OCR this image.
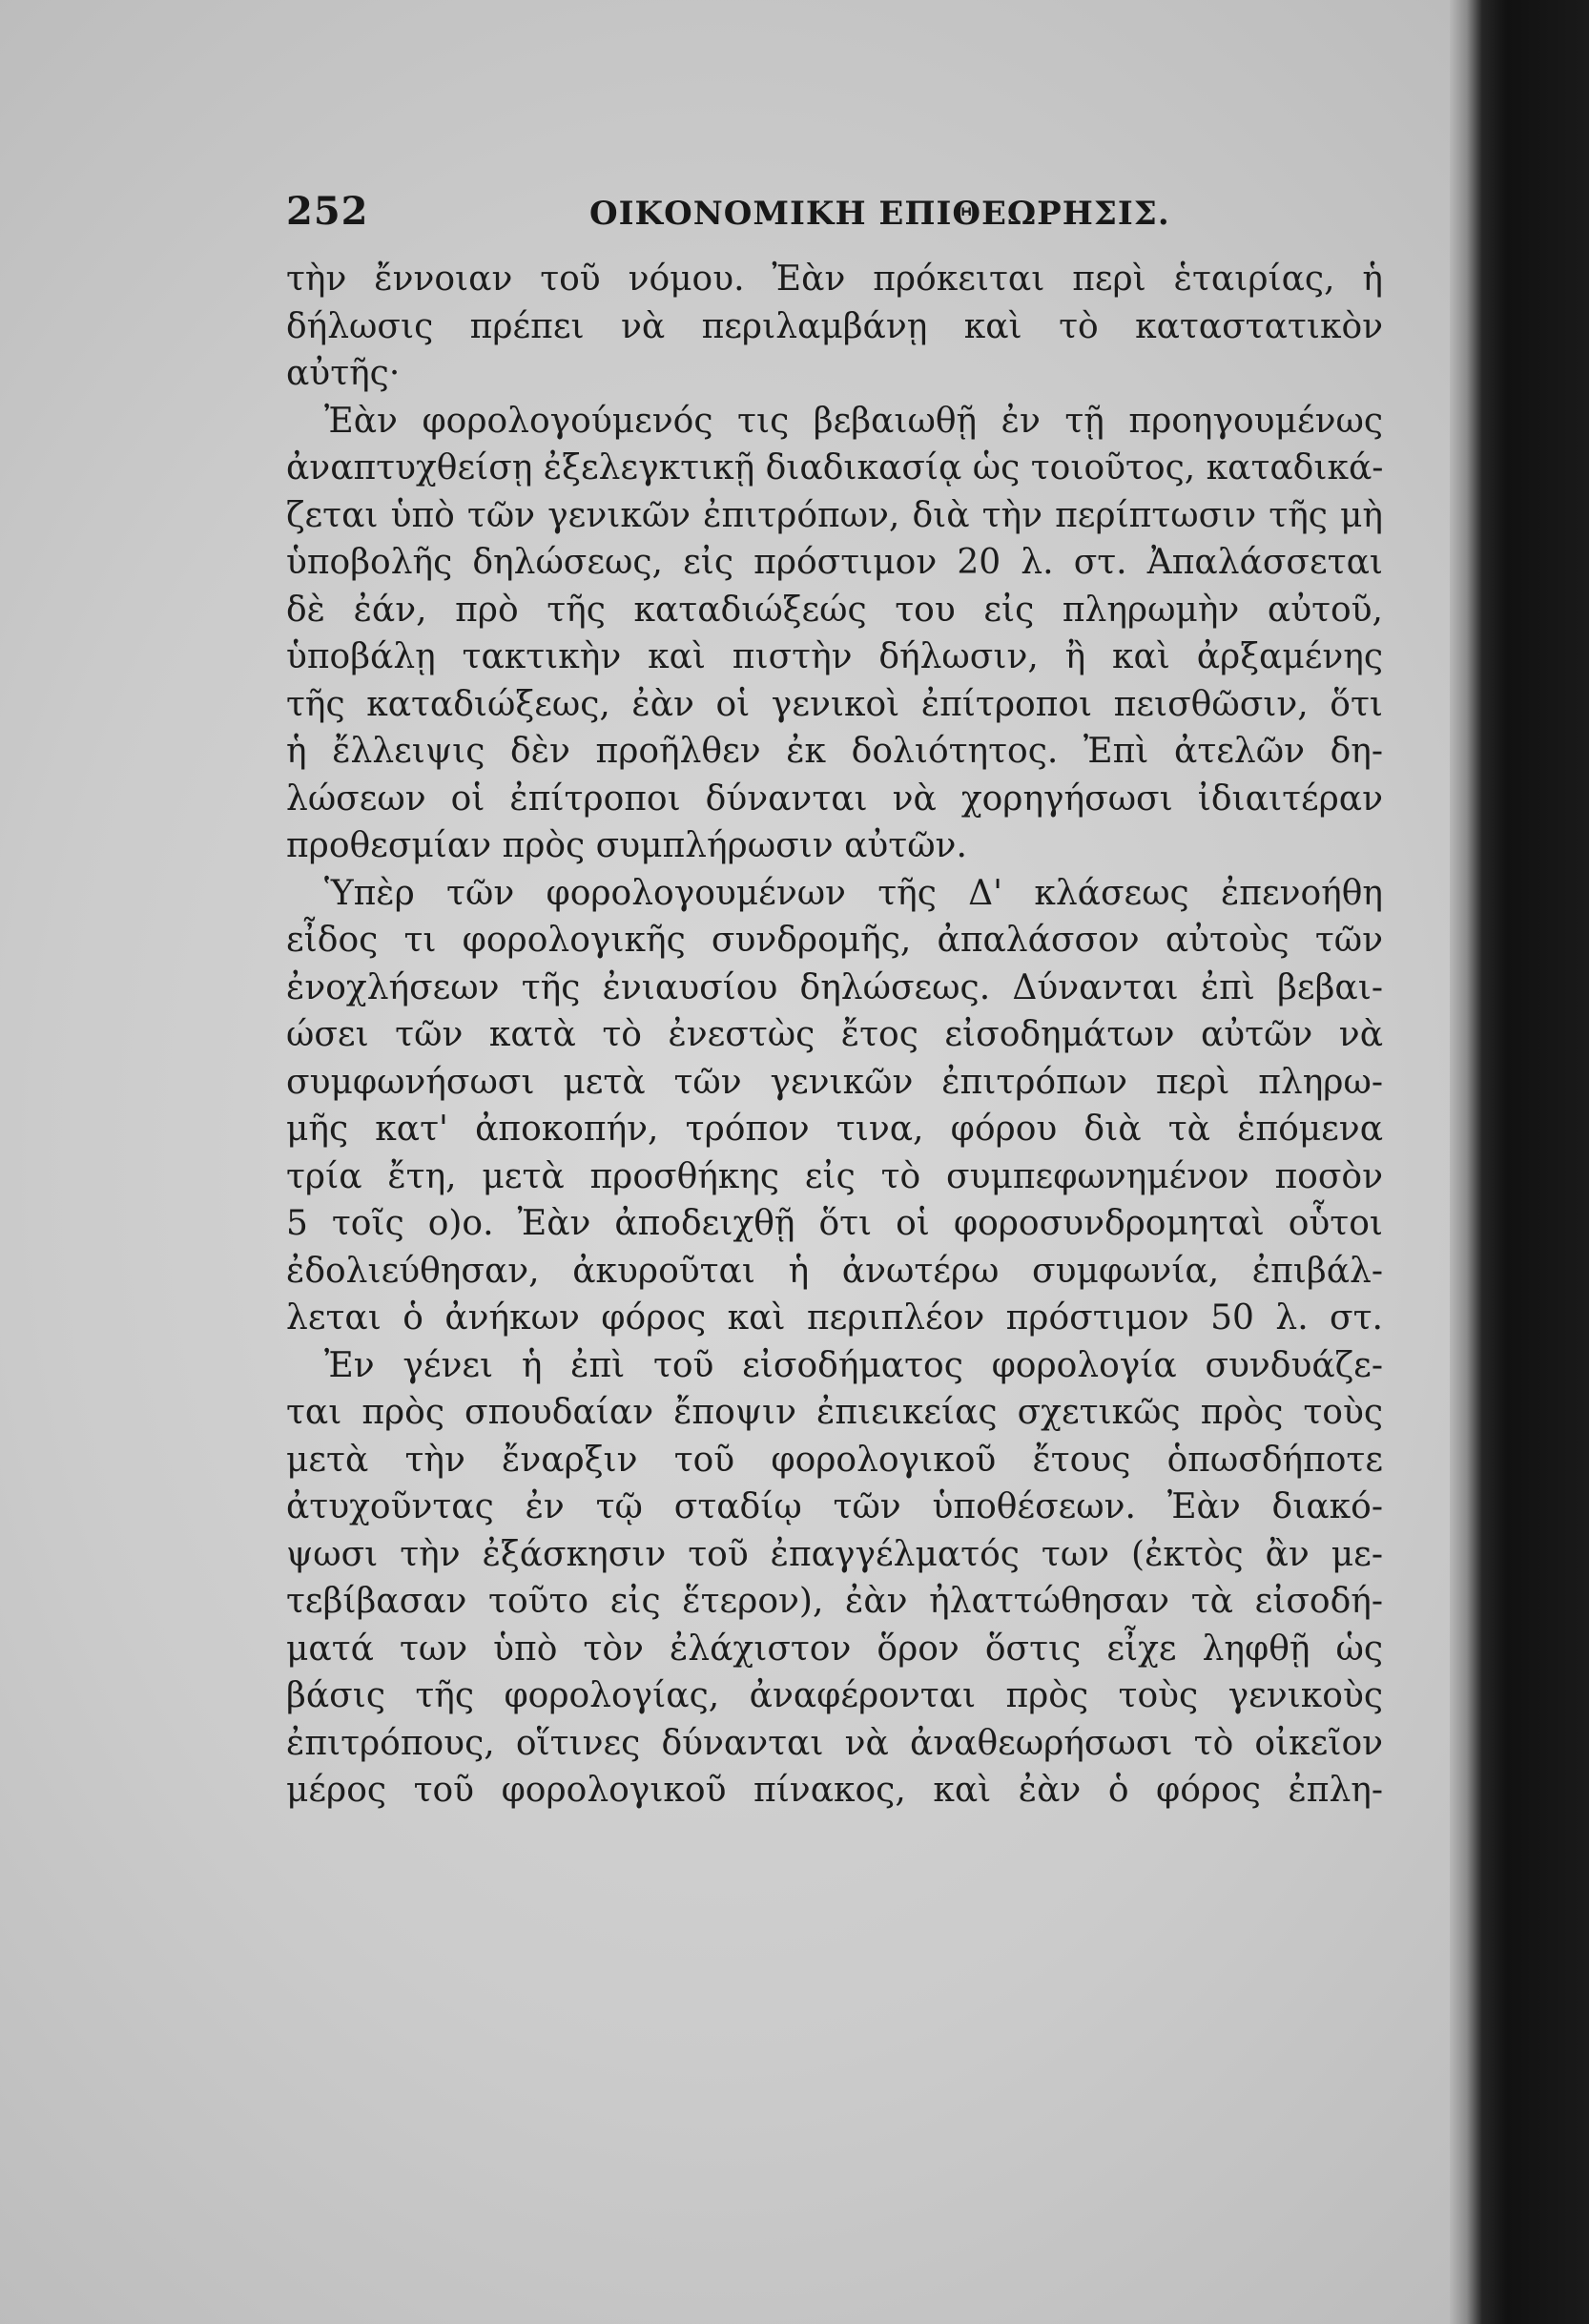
252	ΟΙΚΟΝΟΜΙΚΗ ΕΠΙΘΕΩΡΗΣΙΣ.
τὴν ἔννοιαν τοῦ νόμου. Ἐὰν πρόκειται περὶ ἑταιρίας, ἡ
δήλωσις πρέπει νὰ περιλαμβάνῃ καὶ τὸ καταστατικὸν
αὐτῆς·
Ἐὰν φορολογούμενός τις βεβαιωθῇ ἐν τῇ προηγουμένως
ἀναπτυχθείσῃ ἐξελεγκτικῇ διαδικασίᾳ ὡς τοιοῦτος, καταδικά-
ζεται ὑπὸ τῶν γενικῶν ἐπιτρόπων, διὰ τὴν περίπτωσιν τῆς μὴ
ὑποβολῆς δηλώσεως, εἰς πρόστιμον 20 λ. στ. Ἀπαλάσσεται
δὲ ἐάν, πρὸ τῆς καταδιώξεώς του εἰς πληρωμὴν αὐτοῦ,
ὑποβάλῃ τακτικὴν καὶ πιστὴν δήλωσιν, ἢ καὶ ἀρξαμένης
τῆς καταδιώξεως, ἐὰν οἱ γενικοὶ ἐπίτροποι πεισθῶσιν, ὅτι
ἡ ἔλλειψις δὲν προῆλθεν ἐκ δολιότητος. Ἐπὶ ἀτελῶν δη-
λώσεων οἱ ἐπίτροποι δύνανται νὰ χορηγήσωσι ἰδιαιτέραν
προθεσμίαν πρὸς συμπλήρωσιν αὐτῶν.
Ὑπὲρ τῶν φορολογουμένων τῆς Δ' κλάσεως ἐπενοήθη
εἶδος τι φορολογικῆς συνδρομῆς, ἀπαλάσσον αὐτοὺς τῶν
ἐνοχλήσεων τῆς ἐνιαυσίου δηλώσεως. Δύνανται ἐπὶ βεβαι-
ώσει τῶν κατὰ τὸ ἐνεστὼς ἔτος εἰσοδημάτων αὐτῶν νὰ
συμφωνήσωσι μετὰ τῶν γενικῶν ἐπιτρόπων περὶ πληρω-
μῆς κατ' ἀποκοπήν, τρόπον τινα, φόρου διὰ τὰ ἑπόμενα
τρία ἔτη, μετὰ προσθήκης εἰς τὸ συμπεφωνημένον ποσὸν
5 τοῖς ο)ο. Ἐὰν ἀποδειχθῇ ὅτι οἱ φοροσυνδρομηταὶ οὗτοι
ἐδολιεύθησαν, ἀκυροῦται ἡ ἀνωτέρω συμφωνία, ἐπιβάλ-
λεται ὁ ἀνήκων φόρος καὶ περιπλέον πρόστιμον 50 λ. στ.
Ἐν γένει ἡ ἐπὶ τοῦ εἰσοδήματος φορολογία συνδυάζε-
ται πρὸς σπουδαίαν ἔποψιν ἐπιεικείας σχετικῶς πρὸς τοὺς
μετὰ τὴν ἔναρξιν τοῦ φορολογικοῦ ἔτους ὁπωσδήποτε
ἀτυχοῦντας ἐν τῷ σταδίῳ τῶν ὑποθέσεων. Ἐὰν διακό-
ψωσι τὴν ἐξάσκησιν τοῦ ἐπαγγέλματός των (ἐκτὸς ἂν με-
τεβίβασαν τοῦτο εἰς ἕτερον), ἐὰν ἠλαττώθησαν τὰ εἰσοδή-
ματά των ὑπὸ τὸν ἐλάχιστον ὅρον ὅστις εἶχε ληφθῇ ὡς
βάσις τῆς φορολογίας, ἀναφέρονται πρὸς τοὺς γενικοὺς
ἐπιτρόπους, οἵτινες δύνανται νὰ ἀναθεωρήσωσι τὸ οἰκεῖον
μέρος τοῦ φορολογικοῦ πίνακος, καὶ ἐὰν ὁ φόρος ἐπλη-
